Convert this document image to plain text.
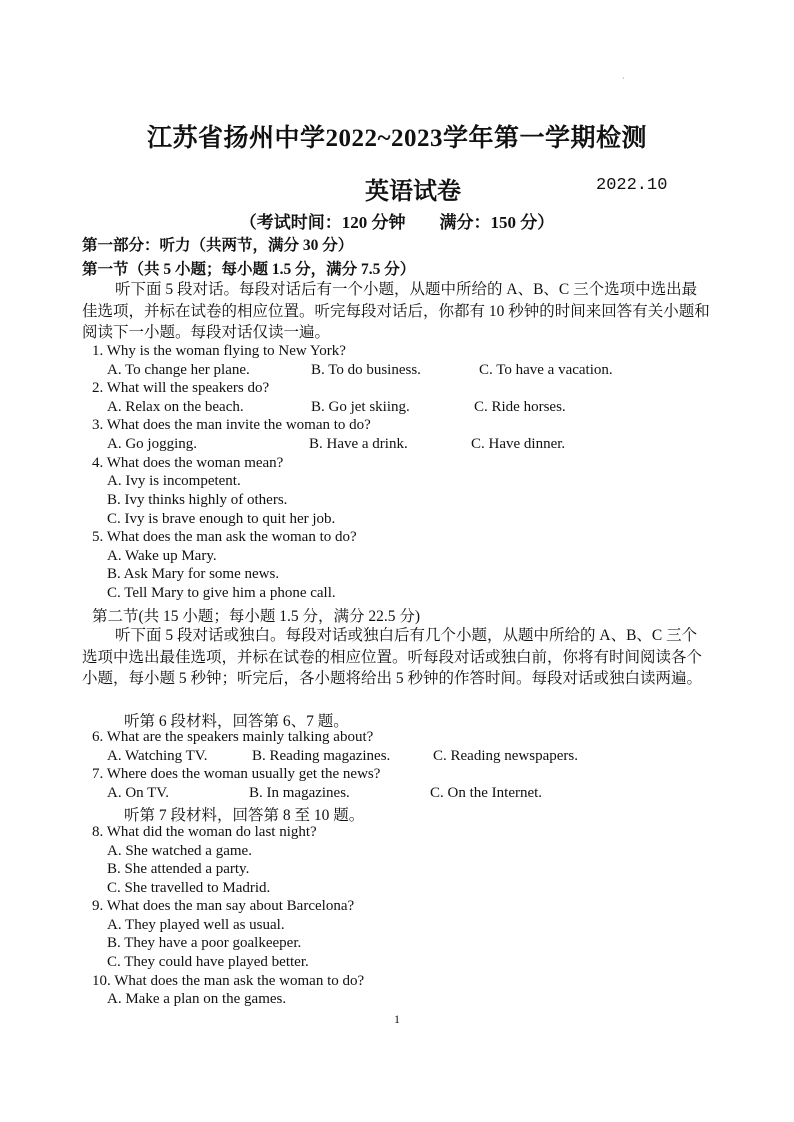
·
江苏省扬州中学2022~2023学年第一学期检测
英语试卷	2022.10
（考试时间：120 分钟　　满分：150 分）
第一部分：听力（共两节，满分 30 分）
第一节（共 5 小题；每小题 1.5 分，满分 7.5 分）
听下面 5 段对话。每段对话后有一个小题，从题中所给的 A、B、C 三个选项中选出最佳选项，并标在试卷的相应位置。听完每段对话后，你都有 10 秒钟的时间来回答有关小题和阅读下一小题。每段对话仅读一遍。
1. Why is the woman flying to New York?
A. To change her plane.	B. To do business.	C. To have a vacation.
2. What will the speakers do?
A. Relax on the beach.	B. Go jet skiing.	C. Ride horses.
3. What does the man invite the woman to do?
A. Go jogging.	B. Have a drink.	C. Have dinner.
4. What does the woman mean?
A. Ivy is incompetent.
B. Ivy thinks highly of others.
C. Ivy is brave enough to quit her job.
5. What does the man ask the woman to do?
A. Wake up Mary.
B. Ask Mary for some news.
C. Tell Mary to give him a phone call.
第二节(共 15 小题；每小题 1.5 分，满分 22.5 分)
听下面 5 段对话或独白。每段对话或独白后有几个小题，从题中所给的 A、B、C 三个选项中选出最佳选项，并标在试卷的相应位置。听每段对话或独白前，你将有时间阅读各个小题，每小题 5 秒钟；听完后，各小题将给出 5 秒钟的作答时间。每段对话或独白读两遍。
听第 6 段材料，回答第 6、7 题。
6. What are the speakers mainly talking about?
A. Watching TV.	B. Reading magazines.	C. Reading newspapers.
7. Where does the woman usually get the news?
A. On TV.	B. In magazines.	C. On the Internet.
听第 7 段材料，回答第 8 至 10 题。
8. What did the woman do last night?
A. She watched a game.
B. She attended a party.
C. She travelled to Madrid.
9. What does the man say about Barcelona?
A. They played well as usual.
B. They have a poor goalkeeper.
C. They could have played better.
10. What does the man ask the woman to do?
A. Make a plan on the games.
1
